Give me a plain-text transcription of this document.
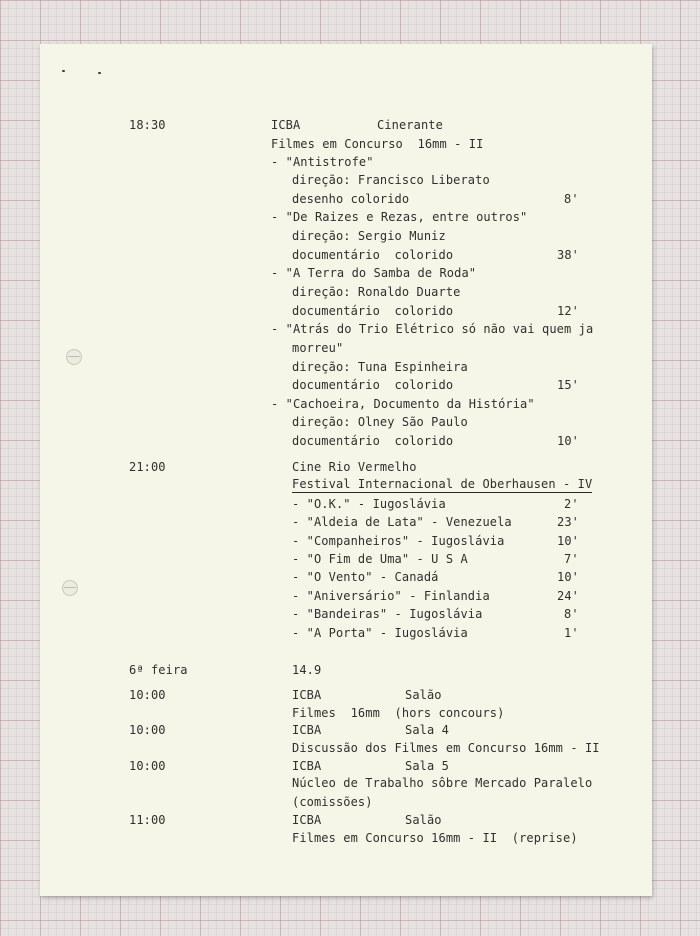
18:30	ICBA	Cinerante
Filmes em Concurso  16mm - II
- "Antistrofe"
direção: Francisco Liberato
desenho colorido	8'
- "De Raizes e Rezas, entre outros"
direção: Sergio Muniz
documentário  colorido	38'
- "A Terra do Samba de Roda"
direção: Ronaldo Duarte
documentário  colorido	12'
- "Atrás do Trio Elétrico só não vai quem ja
morreu"
direção: Tuna Espinheira
documentário  colorido	15'
- "Cachoeira, Documento da História"
direção: Olney São Paulo
documentário  colorido	10'
21:00	Cine Rio Vermelho
Festival Internacional de Oberhausen - IV
- "O.K." - Iugoslávia	2'
- "Aldeia de Lata" - Venezuela	23'
- "Companheiros" - Iugoslávia	10'
- "O Fim de Uma" - U S A	7'
- "O Vento" - Canadá	10'
- "Aniversário" - Finlandia	24'
- "Bandeiras" - Iugoslávia	8'
- "A Porta" - Iugoslávia	1'
6ª feira	14.9
10:00	ICBA	Salão
Filmes  16mm  (hors concours)
10:00	ICBA	Sala 4
Discussão dos Filmes em Concurso 16mm - II
10:00	ICBA	Sala 5
Núcleo de Trabalho sôbre Mercado Paralelo
(comissões)
11:00	ICBA	Salão
Filmes em Concurso 16mm - II  (reprise)
